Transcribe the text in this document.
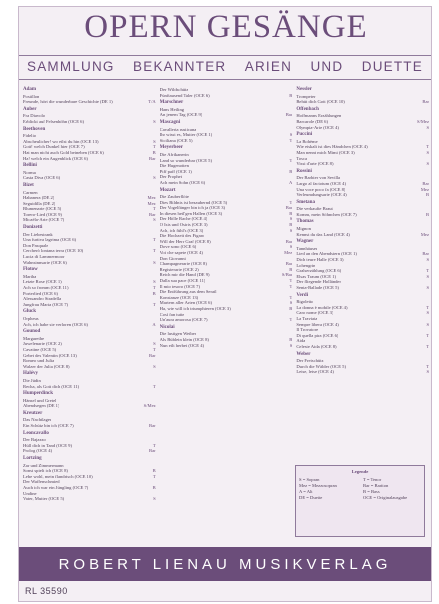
OPERN GESÄNGE
SAMMLUNG BEKANNTER ARIEN UND DUETTE
Adam
Postillon
Freunde, hört die wunderbare Geschichte (DE 1)	T/A
Auber
Fra Diavolo
Erblickt auf Felsenhöhn (OCE 6)	S
Beethoven
Fidelio
Abscheulicher! wo eilst du hin (OCE 13)	S
Gott! welch Dunkel hier (OCE 7)	T
Hat man nicht auch Gold beineben (OCE 6)	B
Ha! welch ein Augenblick (OCE 6)	Bar
Bellini
Norma
Casta Diva (OCE 6)	S
Bizet
Carmen
Habanera (DE 2)	Mez
Seguidilla (DE 2)	Mez
Blumenarie (OCE 5)	T
Torero-Lied (OCE 9)	Bar
Micaëla-Arie (OCE 7)	S
Donizetti
Der Liebestrank
Una furtiva lagrima (OCE 6)	T
Don Pasquale
Cercherò lontana terra (OCE 10)	T
Lucia di Lammermoor
Wahnsinnsarie (OCE 6)	S
Flotow
Martha
Letzte Rose (OCE 1)	S
Ach so fromm (OCE 11)	T
Porterlied (OCE 6)	B
Alessandro Stradella
Jungfrau Maria (OCE 7)	T
Gluck
Orpheus
Ach, ich habe sie verloren (OCE 6)	A
Gounod
Margarethe
Juwelenarie (OCE 2)	S
Cavatine (OCE 5)	T
Gebet des Valentin (OCE 13)	Bar
Romeo und Julia
Walzer der Julia (OCE 8)	S
Halévy
Die Jüdin
Recha, als Gott dich (OCE 11)	T
Humperdinck
Hänsel und Gretel
Abendsegen (DE 1)	S/Mez
Kreutzer
Das Nachtlager
Ein Schütz bin ich (OCE 7)	Bar
Leoncavallo
Der Bajazzo
Hüll dich in Tand (OCE 9)	T
Prolog (OCE 4)	Bar
Lortzing
Zar und Zimmermann
Sonst spielt ich (OCE 8)	B
Lebe wohl, mein flandrisch (OCE 10)	T
Der Waffenschmied
Auch ich war ein Jüngling (OCE 7)	B
Undine
Vater, Mutter (OCE 5)	S
Der Wildschütz
Fünftausend Taler (OCE 6)	B
Marschner
Hans Heiling
An jenem Tag (OCE 9)	Bar
Mascagni
Cavalleria rusticana
Ihr wisst es, Mutter (OCE 1)	S
Siciliana (OCE 5)	T
Meyerbeer
Die Afrikanerin
Land so wunderbar (OCE 5)	T
Die Hugenotten
Piff paff (OCE 1)	B
Der Prophet
Ach mein Sohn (OCE 6)	A
Mozart
Die Zauberflöte
Dies Bildnis ist bezaubernd (OCE 5)	T
Der Vogelfänger bin ich ja (OCE 3)	Bar
In diesen heil'gen Hallen (OCE 3)	B
Der Hölle Rache (OCE 4)	S
O Isis und Osiris (OCE 3)	B
Ach, ich fühl's (OCE 3)	S
Die Hochzeit des Figaro
Will der Herr Graf (OCE 8)	Bar
Dove sono (OCE 6)	S
Voi che sapete (OCE 4)	Mez
Don Giovanni
Champagnerarie (OCE 8)	Bar
Registerarie (OCE 2)	B
Reich mir die Hand (DE 9)	S/Bar
Dalla sua pace (OCE 11)	T
Il mio tesoro (OCE 7)	T
Die Entführung aus dem Serail
Konstanze (OCE 13)	T
Martern aller Arten (OCE 6)	S
Ha, wie will ich triumphieren (OCE 3)	B
Così fan tutte
Un'aura amorosa (OCE 7)	T
Nicolai
Die lustigen Weiber
Als Büblein klein (OCE 8)	B
Nun eilt herbei (OCE 4)	S
Nessler
Trompeter
Behüt dich Gott (OCE 10)	Bar
Offenbach
Hoffmanns Erzählungen
Barcarole (DE 6)	S/Mez
Olympia-Arie (OCE 4)	S
Puccini
La Bohème
Wie eiskalt ist dies Händchen (OCE 4)	T
Man nennt mich Mimi (OCE 3)	S
Tosca
Vissi d'arte (OCE 8)	S
Rossini
Der Barbier von Sevilla
Largo al factotum (OCE 4)	Bar
Una voce poco fa (OCE 8)	Mez
Verleumdungsarie (OCE 4)	B
Smetana
Die verkaufte Braut
Komm, mein Söhnchen (OCE 7)	B
Thomas
Mignon
Kennst du das Land (OCE 4)	Mez
Wagner
Tannhäuser
Lied an den Abendstern (OCE 1)	Bar
Dich teure Halle (OCE 3)	S
Lohengrin
Gralserzählung (OCE 6)	T
Elsas Traum (OCE 1)	S
Der fliegende Holländer
Senta-Ballade (OCE 5)	S
Verdi
Rigoletto
La donna è mobile (OCE 4)	T
Caro nome (OCE 3)	S
La Traviata
Sempre libera (OCE 4)	S
Il Trovatore
Di quella pira (OCE 6)	T
Aida
Celeste Aida (OCE 8)	T
Weber
Der Freischütz
Durch die Wälder (OCE 5)	T
Leise, leise (OCE 4)	S
Legende
S = Sopran	T = Tenor
Mez = Mezzosopran	Bar = Bariton
A = Alt	B = Bass
DE = Duette	OCE = Originalausgabe
ROBERT LIENAU MUSIKVERLAG
RL 35590
